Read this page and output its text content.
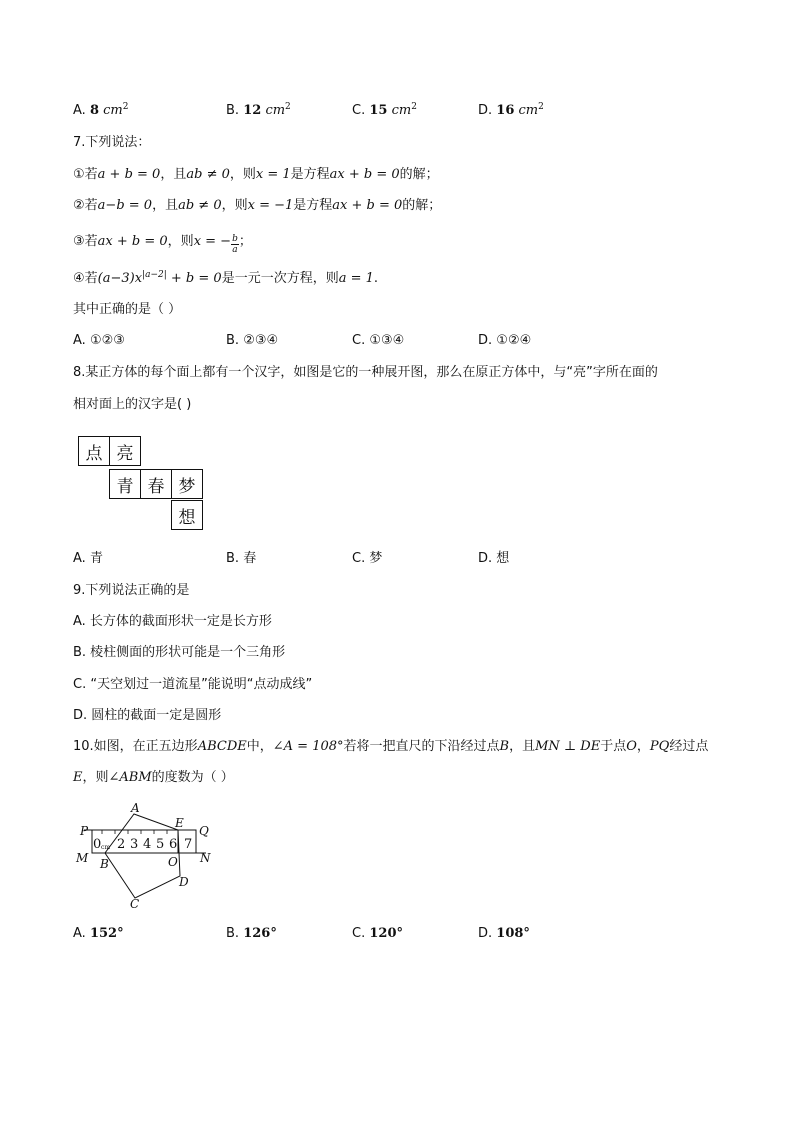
A. 8 $cm^2$	B. 12 $cm^2$	C. 15 $cm^2$	D. 16 $cm^2$
7.下列说法：
①若a + b = 0，且ab ≠ 0，则x = 1是方程ax + b = 0的解；
②若a−b = 0，且ab ≠ 0，则x = −1是方程ax + b = 0的解；
③若ax + b = 0，则x = − $\frac{b}{a}$ ；
④若$(a-3)x^{|a-2|} + b = 0$是一元一次方程，则a = 1.
其中正确的是（ ）
A. ①②③	B. ②③④	C. ①③④	D. ①②④
8.某正方体的每个面上都有一个汉字，如图是它的一种展开图，那么在原正方体中，与“亮”字所在面的
相对面上的汉字是( )
点 亮
青 春 梦
想
A. 青	B. 春	C. 梦	D. 想
9.下列说法正确的是
A. 长方体的截面形状一定是长方形
B. 棱柱侧面的形状可能是一个三角形
C. “天空划过一道流星”能说明“点动成线”
D. 圆柱的截面一定是圆形
10.如图，在正五边形ABCDE中，∠A = 108°若将一把直尺的下沿经过点B，且MN ⊥ DE于点O，PQ经过点
E，则∠ABM的度数为（ ）
0 cm 2 3 4 5 6 7
A
B
C
D
E
O
P	Q
M	N
A. 152°	B. 126°	C. 120°	D. 108°
